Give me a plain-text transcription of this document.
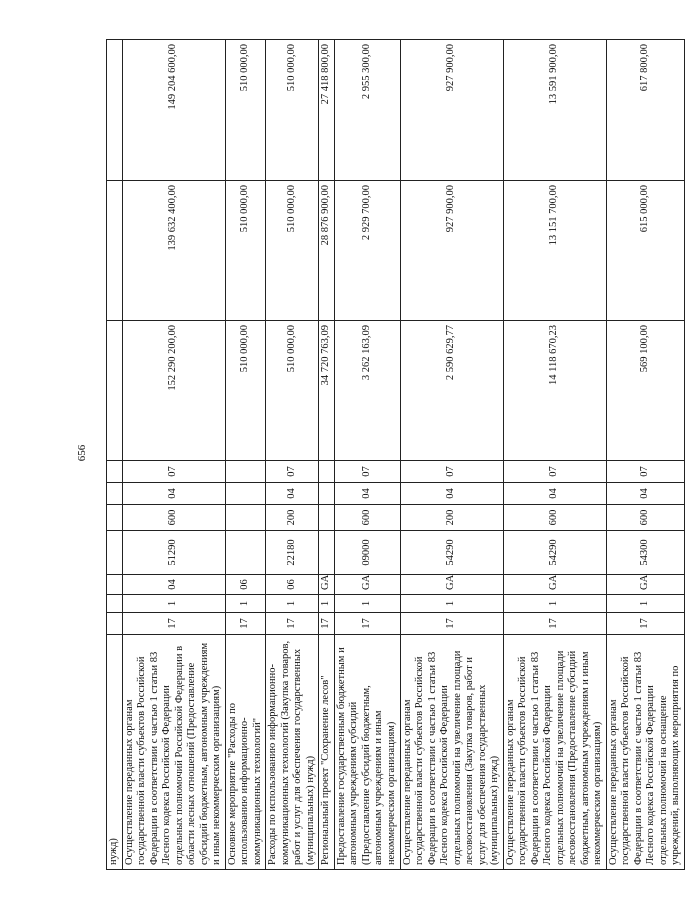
656
нужд)										
Осуществление переданных органам государственной власти субъектов Российской Федерации в соответствии с частью 1 статьи 83 Лесного кодекса Российской Федерации отдельных полномочий Российской Федерации в области лесных отношений (Предоставление субсидий бюджетным, автономным учреждениям и иным некоммерческим организациям)	17	1	04	51290	600	04	07	152 290 200,00	139 632 400,00	149 204 600,00
Основное мероприятие "Расходы по использованию информационно-коммуникационных технологий"	17	1	06					510 000,00	510 000,00	510 000,00
Расходы по использованию информационно-коммуникационных технологий (Закупка товаров, работ и услуг для обеспечения государственных (муниципальных) нужд)	17	1	06	22180	200	04	07	510 000,00	510 000,00	510 000,00
Региональный проект "Сохранение лесов"	17	1	GA					34 720 763,09	28 876 900,00	27 418 800,00
Предоставление государственным бюджетным и автономным учреждениям субсидий (Предоставление субсидий бюджетным, автономным учреждениям и иным некоммерческим организациям)	17	1	GA	09000	600	04	07	3 262 163,09	2 929 700,00	2 955 300,00
Осуществление переданных органам государственной власти субъектов Российской Федерации в соответствии с частью 1 статьи 83 Лесного кодекса Российской Федерации отдельных полномочий на увеличение площади лесовосстановления (Закупка товаров, работ и услуг для обеспечения государственных (муниципальных) нужд)	17	1	GA	54290	200	04	07	2 590 629,77	927 900,00	927 900,00
Осуществление переданных органам государственной власти субъектов Российской Федерации в соответствии с частью 1 статьи 83 Лесного кодекса Российской Федерации отдельных полномочий на увеличение площади лесовосстановления (Предоставление субсидий бюджетным, автономным учреждениям и иным некоммерческим организациям)	17	1	GA	54290	600	04	07	14 118 670,23	13 151 700,00	13 591 900,00
Осуществление переданных органам государственной власти субъектов Российской Федерации в соответствии с частью 1 статьи 83 Лесного кодекса Российской Федерации отдельных полномочий на оснащение учреждений, выполняющих мероприятия по	17	1	GA	54300	600	04	07	569 100,00	615 000,00	617 800,00
